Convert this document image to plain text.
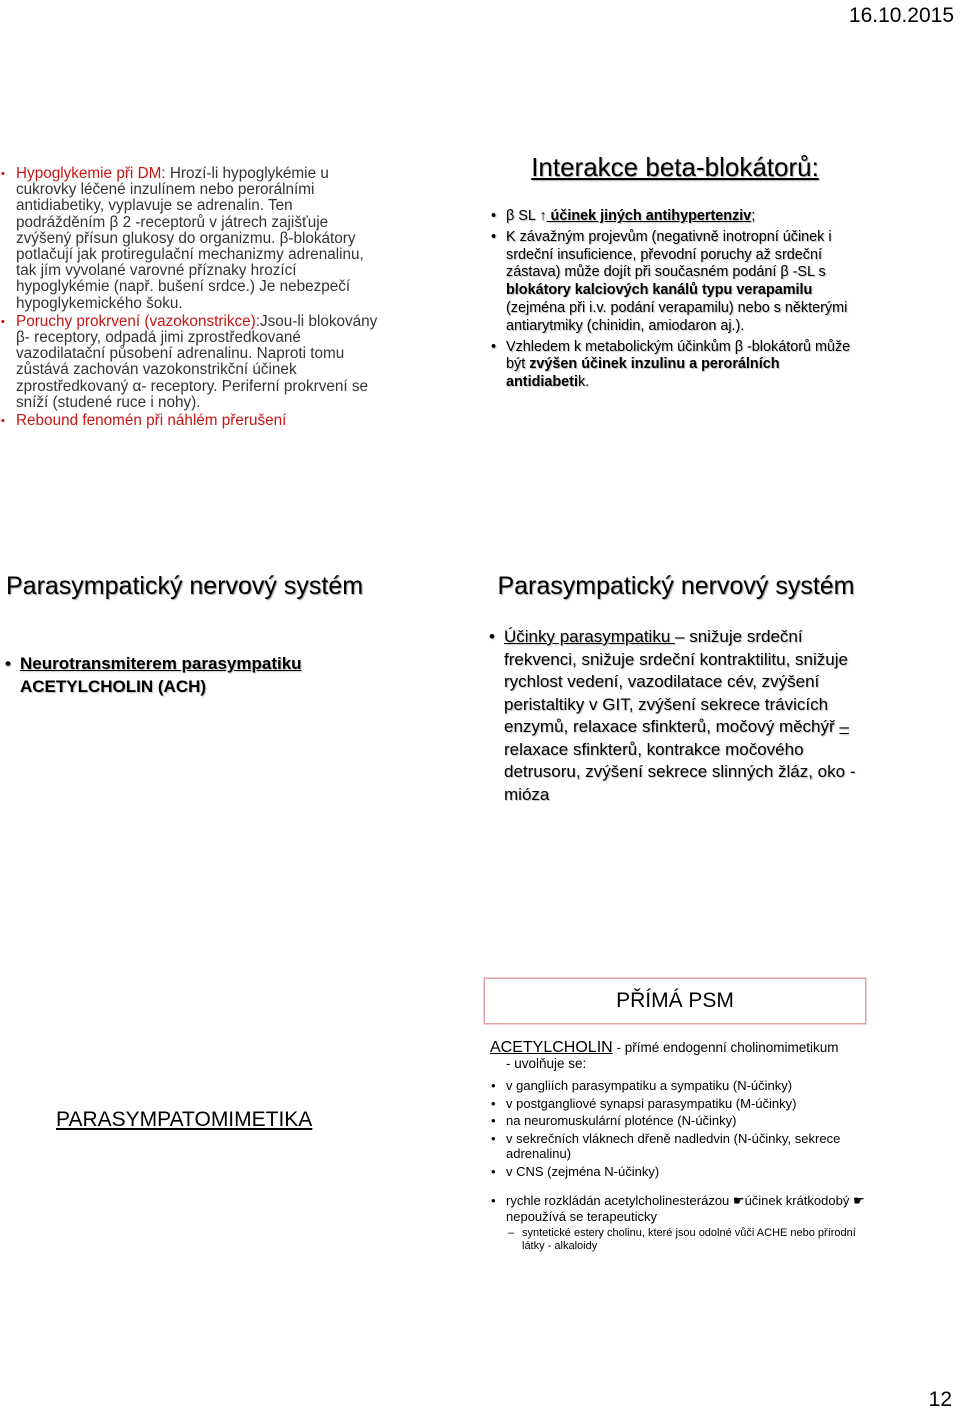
16.10.2015
• Hypoglykemie při DM: Hrozí-li hypoglykémie u cukrovky léčené inzulínem nebo perorálními antidiabetiky, vyplavuje se adrenalin. Ten podrážděním β 2 -receptorů v játrech zajišťuje zvýšený přísun glukosy do organizmu. β-blokátory potlačují jak protiregulační mechanizmy adrenalinu, tak jím vyvolané varovné příznaky hrozící hypoglykémie (např. bušení srdce.) Je nebezpečí hypoglykemického šoku.
• Poruchy prokrvení (vazokonstrikce):Jsou-li blokovány β- receptory, odpadá jimi zprostředkované vazodilatační působení adrenalinu. Naproti tomu zůstává zachován vazokonstrikční účinek zprostředkovaný α- receptory. Periferní prokrvení se sníží (studené ruce i nohy).
• Rebound fenomén při náhlém přerušení
Interakce beta-blokátorů:
• β SL ↑ účinek jiných antihypertenziv;
• K závažným projevům (negativně inotropní účinek i srdeční insuficience, převodní poruchy až srdeční zástava) může dojít při současném podání β -SL s blokátory kalciových kanálů typu verapamilu (zejména při i.v. podání verapamilu) nebo s některými antiarytmiky (chinidin, amiodaron aj.).
• Vzhledem k metabolickým účinkům β -blokátorů může být zvýšen účinek inzulinu a perorálních antidiabetik.
Parasympatický nervový systém
• Neurotransmiterem parasympatiku
ACETYLCHOLIN (ACH)
Parasympatický nervový systém
• Účinky parasympatiku – snižuje srdeční frekvenci, snižuje srdeční kontraktilitu, snižuje rychlost vedení, vazodilatace cév, zvýšení peristaltiky v GIT, zvýšení sekrece trávicích enzymů, relaxace sfinkterů, močový měchýř – relaxace sfinkterů, kontrakce močového detrusoru, zvýšení sekrece slinných žláz, oko - mióza
PARASYMPATOMIMETIKA
PŘÍMÁ PSM
ACETYLCHOLIN - přímé endogenní cholinomimetikum
- uvolňuje se:
• v gangliích parasympatiku a sympatiku (N-účinky)
• v postgangliové synapsi parasympatiku (M-účinky)
• na neuromuskulární ploténce (N-účinky)
• v sekrečních vláknech dřeně nadledvin (N-účinky, sekrece adrenalinu)
• v CNS (zejména N-účinky)
• rychle rozkládán acetylcholinesterázou ☛účinek krátkodobý ☛ nepoužívá se terapeuticky
– syntetické estery cholinu, které jsou odolné vůči ACHE nebo přírodní látky - alkaloidy
12
